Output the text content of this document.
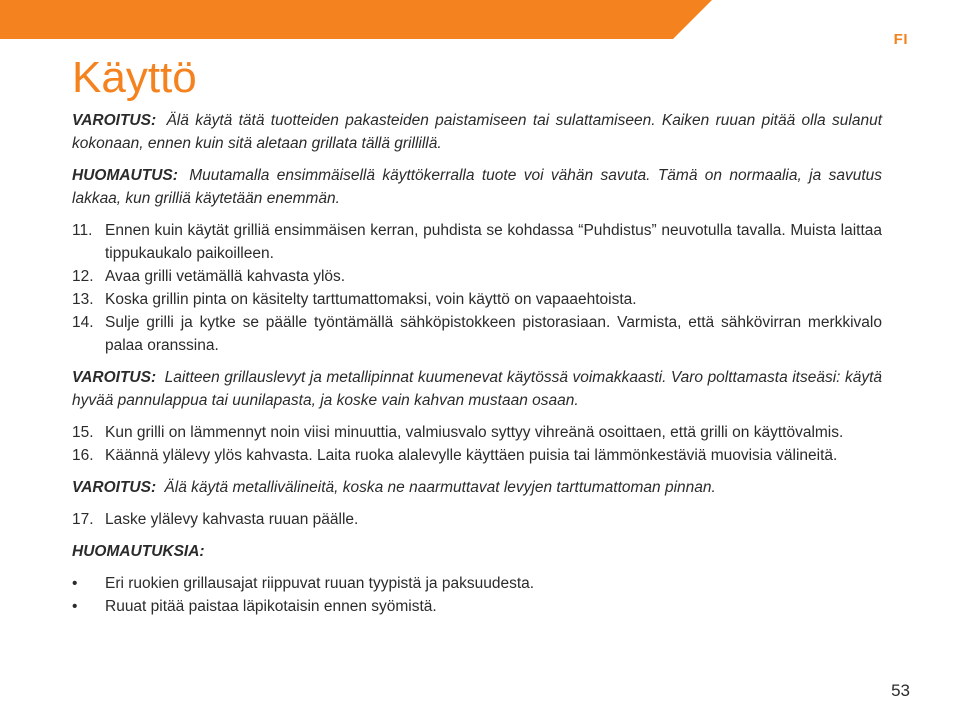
FI
Käyttö

VAROITUS: Älä käytä tätä tuotteiden pakasteiden paistamiseen tai sulattamiseen. Kaiken ruuan pitää olla sulanut kokonaan, ennen kuin sitä aletaan grillata tällä grillillä.

HUOMAUTUS: Muutamalla ensimmäisellä käyttökerralla tuote voi vähän savuta. Tämä on normaalia, ja savutus lakkaa, kun grilliä käytetään enemmän.

11. Ennen kuin käytät grilliä ensimmäisen kerran, puhdista se kohdassa “Puhdistus” neuvotulla tavalla. Muista laittaa tippukaukalo paikoilleen.
12. Avaa grilli vetämällä kahvasta ylös.
13. Koska grillin pinta on käsitelty tarttumattomaksi, voin käyttö on vapaaehtoista.
14. Sulje grilli ja kytke se päälle työntämällä sähköpistokkeen pistorasiaan. Varmista, että sähkövirran merkkivalo palaa oranssina.

VAROITUS: Laitteen grillauslevyt ja metallipinnat kuumenevat käytössä voimakkaasti. Varo polttamasta itseäsi: käytä hyvää pannulappua tai uunilapasta, ja koske vain kahvan mustaan osaan.

15. Kun grilli on lämmennyt noin viisi minuuttia, valmiusvalo syttyy vihreänä osoittaen, että grilli on käyttövalmis.
16. Käännä ylälevy ylös kahvasta. Laita ruoka alalevylle käyttäen puisia tai lämmönkestäviä muovisia välineitä.

VAROITUS: Älä käytä metallivälineitä, koska ne naarmuttavat levyjen tarttumattoman pinnan.

17. Laske ylälevy kahvasta ruuan päälle.

HUOMAUTUKSIA:

• Eri ruokien grillausajat riippuvat ruuan tyypistä ja paksuudesta.
• Ruuat pitää paistaa läpikotaisin ennen syömistä.
53
